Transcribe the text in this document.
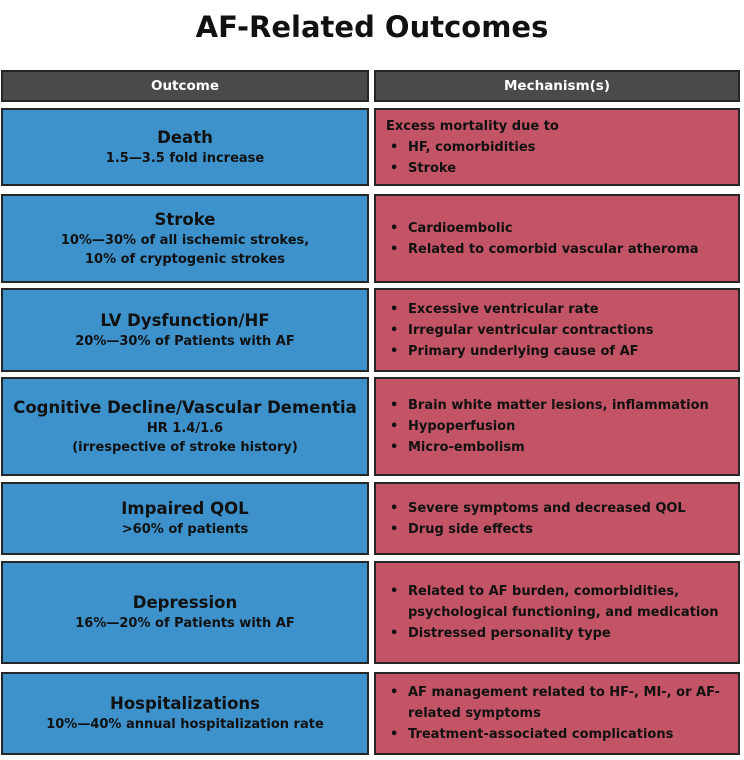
AF-Related Outcomes
Outcome	Mechanism(s)
Death
1.5—3.5 fold increase
Excess mortality due to
• HF, comorbidities
• Stroke
Stroke
10%—30% of all ischemic strokes,
10% of cryptogenic strokes
• Cardioembolic
• Related to comorbid vascular atheroma
LV Dysfunction/HF
20%—30% of Patients with AF
• Excessive ventricular rate
• Irregular ventricular contractions
• Primary underlying cause of AF
Cognitive Decline/Vascular Dementia
HR 1.4/1.6
(irrespective of stroke history)
• Brain white matter lesions, inflammation
• Hypoperfusion
• Micro-embolism
Impaired QOL
>60% of patients
• Severe symptoms and decreased QOL
• Drug side effects
Depression
16%—20% of Patients with AF
• Related to AF burden, comorbidities, psychological functioning, and medication
• Distressed personality type
Hospitalizations
10%—40% annual hospitalization rate
• AF management related to HF-, MI-, or AF-related symptoms
• Treatment-associated complications
